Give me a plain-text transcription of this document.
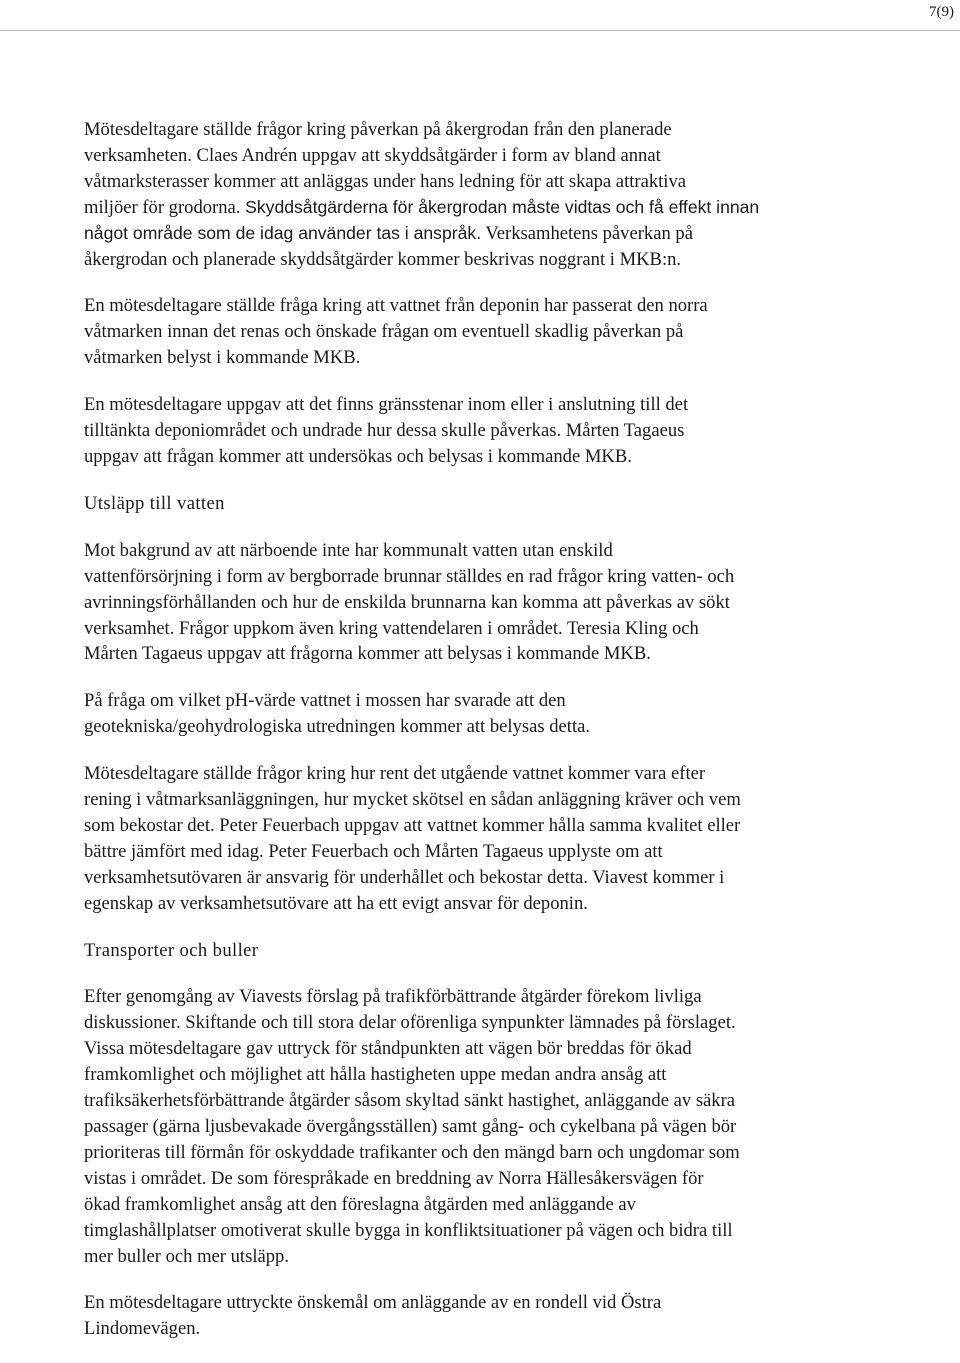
7(9)
Mötesdeltagare ställde frågor kring påverkan på åkergrodan från den planerade
verksamheten. Claes Andrén uppgav att skyddsåtgärder i form av bland annat
våtmarksterasser kommer att anläggas under hans ledning för att skapa attraktiva
miljöer för grodorna. Skyddsåtgärderna för åkergrodan måste vidtas och få effekt innan
något område som de idag använder tas i anspråk. Verksamhetens påverkan på
åkergrodan och planerade skyddsåtgärder kommer beskrivas noggrant i MKB:n.
En mötesdeltagare ställde fråga kring att vattnet från deponin har passerat den norra
våtmarken innan det renas och önskade frågan om eventuell skadlig påverkan på
våtmarken belyst i kommande MKB.
En mötesdeltagare uppgav att det finns gränsstenar inom eller i anslutning till det
tilltänkta deponiområdet och undrade hur dessa skulle påverkas. Mårten Tagaeus
uppgav att frågan kommer att undersökas och belysas i kommande MKB.
Utsläpp till vatten
Mot bakgrund av att närboende inte har kommunalt vatten utan enskild
vattenförsörjning i form av bergborrade brunnar ställdes en rad frågor kring vatten- och
avrinningsförhållanden och hur de enskilda brunnarna kan komma att påverkas av sökt
verksamhet. Frågor uppkom även kring vattendelaren i området. Teresia Kling och
Mårten Tagaeus uppgav att frågorna kommer att belysas i kommande MKB.
På fråga om vilket pH-värde vattnet i mossen har svarade att den
geotekniska/geohydrologiska utredningen kommer att belysas detta.
Mötesdeltagare ställde frågor kring hur rent det utgående vattnet kommer vara efter
rening i våtmarksanläggningen, hur mycket skötsel en sådan anläggning kräver och vem
som bekostar det. Peter Feuerbach uppgav att vattnet kommer hålla samma kvalitet eller
bättre jämfört med idag. Peter Feuerbach och Mårten Tagaeus upplyste om att
verksamhetsutövaren är ansvarig för underhållet och bekostar detta. Viavest kommer i
egenskap av verksamhetsutövare att ha ett evigt ansvar för deponin.
Transporter och buller
Efter genomgång av Viavests förslag på trafikförbättrande åtgärder förekom livliga
diskussioner. Skiftande och till stora delar oförenliga synpunkter lämnades på förslaget.
Vissa mötesdeltagare gav uttryck för ståndpunkten att vägen bör breddas för ökad
framkomlighet och möjlighet att hålla hastigheten uppe medan andra ansåg att
trafiksäkerhetsförbättrande åtgärder såsom skyltad sänkt hastighet, anläggande av säkra
passager (gärna ljusbevakade övergångsställen) samt gång- och cykelbana på vägen bör
prioriteras till förmån för oskyddade trafikanter och den mängd barn och ungdomar som
vistas i området. De som förespråkade en breddning av Norra Hällesåkersvägen för
ökad framkomlighet ansåg att den föreslagna åtgärden med anläggande av
timglashållplatser omotiverat skulle bygga in konfliktsituationer på vägen och bidra till
mer buller och mer utsläpp.
En mötesdeltagare uttryckte önskemål om anläggande av en rondell vid Östra
Lindomevägen.
